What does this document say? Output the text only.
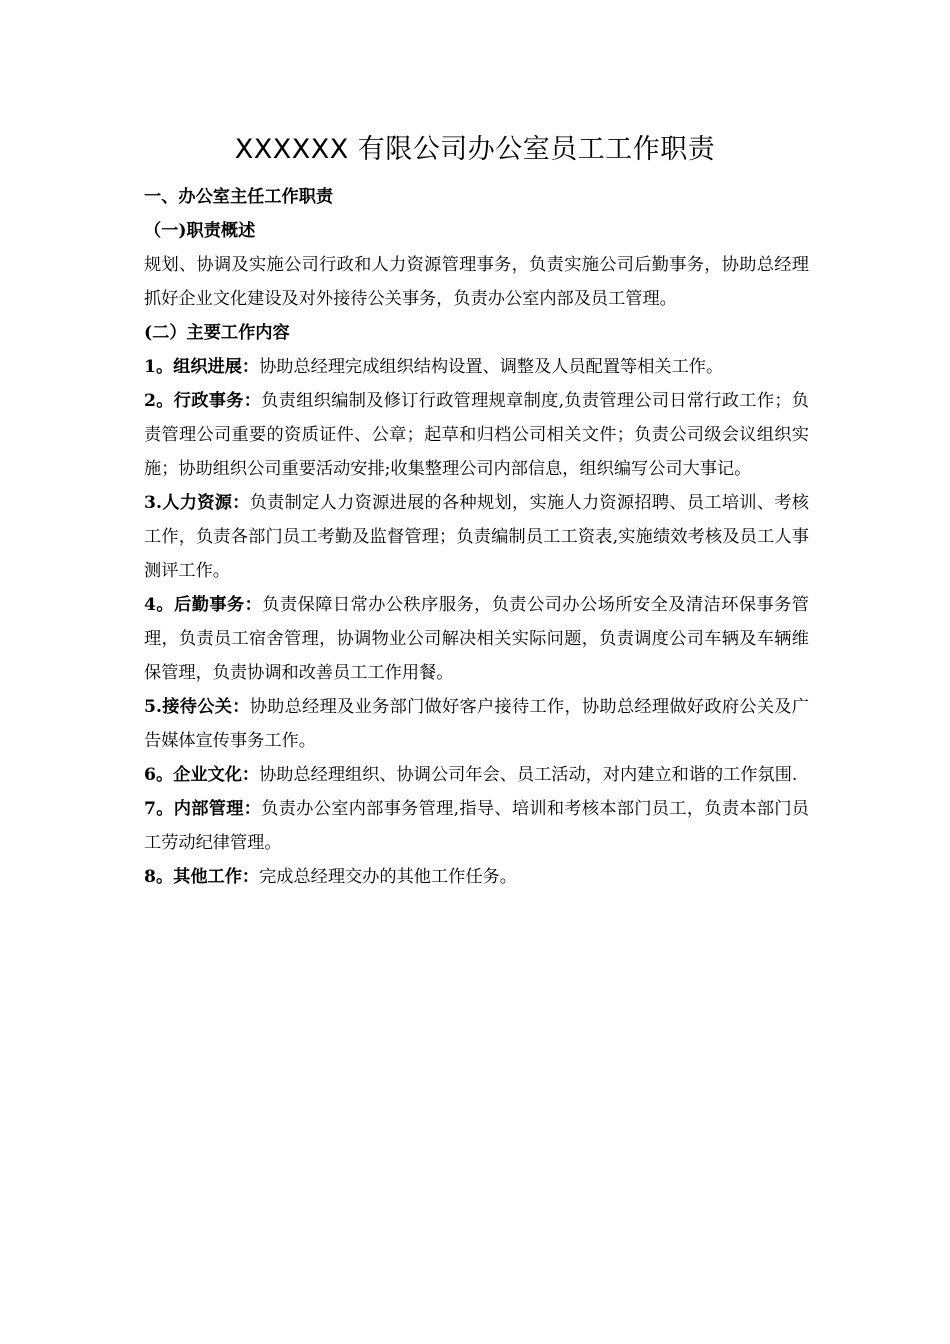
XXXXXX 有限公司办公室员工工作职责

一、办公室主任工作职责

（一)职责概述

规划、协调及实施公司行政和人力资源管理事务，负责实施公司后勤事务，协助总经理抓好企业文化建设及对外接待公关事务，负责办公室内部及员工管理。

(二）主要工作内容

1。组织进展：协助总经理完成组织结构设置、调整及人员配置等相关工作。

2。行政事务：负责组织编制及修订行政管理规章制度,负责管理公司日常行政工作；负责管理公司重要的资质证件、公章；起草和归档公司相关文件；负责公司级会议组织实施；协助组织公司重要活动安排;收集整理公司内部信息，组织编写公司大事记。

3.人力资源：负责制定人力资源进展的各种规划，实施人力资源招聘、员工培训、考核工作，负责各部门员工考勤及监督管理；负责编制员工工资表,实施绩效考核及员工人事测评工作。

4。后勤事务：负责保障日常办公秩序服务，负责公司办公场所安全及清洁环保事务管理，负责员工宿舍管理，协调物业公司解决相关实际问题，负责调度公司车辆及车辆维保管理，负责协调和改善员工工作用餐。

5.接待公关：协助总经理及业务部门做好客户接待工作，协助总经理做好政府公关及广告媒体宣传事务工作。

6。企业文化：协助总经理组织、协调公司年会、员工活动，对内建立和谐的工作氛围.

7。内部管理：负责办公室内部事务管理,指导、培训和考核本部门员工，负责本部门员工劳动纪律管理。

8。其他工作：完成总经理交办的其他工作任务。
